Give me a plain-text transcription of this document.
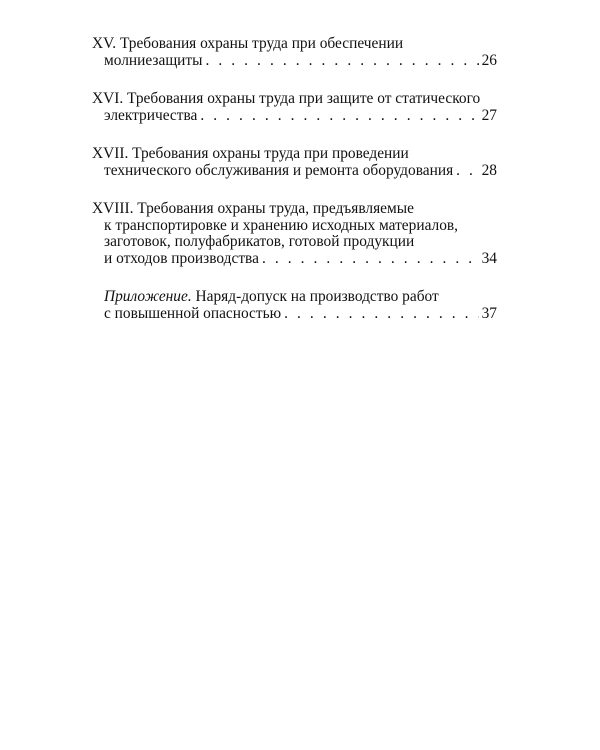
XV. Требования охраны труда при обеспечении
молниезащиты . . .	26
XVI. Требования охраны труда при защите от статического
электричества . . .	27
XVII. Требования охраны труда при проведении
технического обслуживания и ремонта оборудования . . . 28
XVIII. Требования охраны труда, предъявляемые
к транспортировке и хранению исходных материалов,
заготовок, полуфабрикатов, готовой продукции
и отходов производства . . .	34
Приложение. Наряд-допуск на производство работ
с повышенной опасностью . . .	37
